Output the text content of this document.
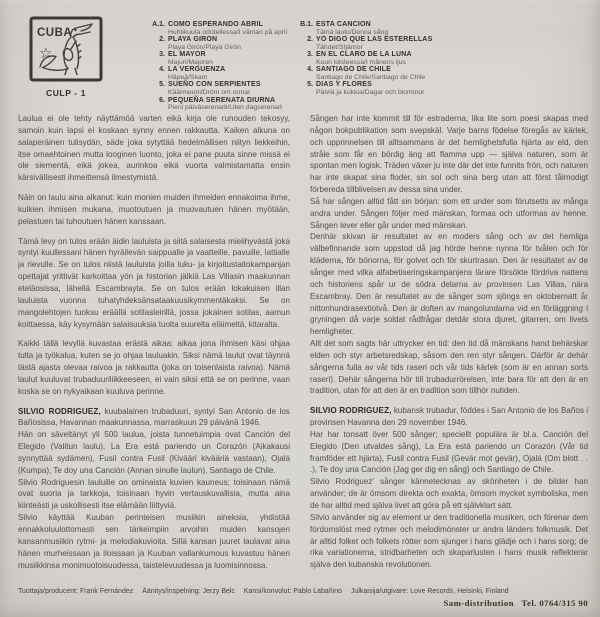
CUBA
☆
CULP - 1
A.1. COMO ESPERANDO ABRIL
Huhtikuuta odotellessa/I väntan på april
2. PLAYA GIRON
Playa Girón/Playa Girón
3. EL MAYOR
Majuri/Majoren
4. LA VERGUENZA
Häpeä/Skam
5. SUEÑO CON SERPIENTES
Käärmeuni/Dröm om ormar
6. PEQUEÑA SERENATA DIURNA
Pieni päiväserenadi/Liten dagserenad
B.1. ESTA CANCION
Tämä laulu/Denna sång
2. YO DIGO QUE LAS ESTERELLAS
Tähdet/Stjärnor
3. EN EL CLARO DE LA LUNA
Kuun loisteessa/I månens ljus
4. SANTIAGO DE CHILE
Santiago de Chile/Santiago de Chile
5. DIAS Y FLORES
Päiviä ja kukkia/Dagar och blommor

Laulua ei ole tehty näyttämöä varten eikä kirja ole runouden tekosyy, samoin kuin lapsi ei koskaan synny ennen rakkautta. Kaiken alkuna on salaperäinen tulisydän, säde joka sytyttää hedelmällisen niityn liekkeihin, itse omaehtoinen mutta looginen luonto, joka ei pane puuta sinne missä ei ole siementä, eikä jokea, aurinkoa eikä vuorta valmistamatta ensin kärsivällisesti ihmeittensä ilmestymistä.

Näin on laulu aina alkanut: kuin monien muiden ihmeiden ennakoima ihme, kulkien ihmisen mukana, muotoutuen ja muovautuen hänen myötään, pelastuen tai tuhoutuen hänen kanssaan.

Tämä levy on tulos erään äidin lauluista ja siitä salaisesta mielihyvästä joka syntyi kuullessani hänen hyräilevän saippualle ja vaatteille, pavuille, lattialle ja rievulle. Se on tulos niistä lauluista joilla luku- ja kirjoitustaitokampanjan opettajat yrittivät karkoittaa yön ja historian jälkiä Las Villasin maakunnan eteläosissa, lähellä Escambrayta. Se on tulos erään lokakuisen illan lauluista vuonna tuhatyhdeksänsataakuusikymmentäkaksi. Se on mangolehtojen tuoksu eräällä sotilasleirillä, jossa jokainen sotilas, aamun koittaessa, käy kysymään salaisuuksia tuolta suurelta eläimeltä, kitaralta.

Kaikki tällä levyllä kuvastaa erästä aikaa: aikaa jona ihmisen käsi ohjaa tulta ja työkalua, kuten se jo ohjaa lauluakin. Siksi nämä laulut ovat täynnä tästä ajasta olevaa raivoa ja rakkautta (joka on toisenlaista raivoa). Nämä laulut kuuluvat trubaduuriliikkeeseen, ei vain siksi että se on perinne, vaan koska se on nykyaikaan kuuluva perinne.

SILVIO RODRIGUEZ, kuubalainen trubaduuri, syntyi San Antonio de los Bañosissa, Havannan maakunnassa, marraskuun 29 päivänä 1946.

Hän on säveltänyt yli 500 laulua, joista tunnetuimpia ovat Canción del Elegido (Valitun laulu), La Era está pariendo un Corazón (Aikakausi synnyttää sydämen), Fusil contra Fusil (Kivääri kivääriä vastaan), Ojalá (Kumpa), Te doy una Canción (Annan sinulle laulun), Santiago de Chile.

Silvio Rodriguesin lauluille on ominaista kuvien kauneus; toisinaan nämä ovat suoria ja tarkkoja, toisinaan hyvin vertauskuvallisia, mutta aina kiinteästi ja uskollisesti itse elämään liittyviä.

Silvio käyttää Kuuban perinteisen musiikin aineksia, yhdistää ennakkoluulottomasti sen tärkeimpiin arvoihin muiden kansojen kansanmusiikin rytmi- ja melodiakuvioita. Sillä kansan juuret laulavat aina hänen murheissaan ja iloissaan ja Kuuban vallankumous kuvastuu hänen musiikkinsa monimuotoisuudessa, taistelevuudessa ja luomisinnossa.

Sången har inte kommit till för estraderna, lika lite som poesi skapas med någon bokpublikation som svepskäl. Varje barns födelse föregås av kärlek, och upprinnelsen till alltsammans är det hemlighetsfulla hjärta av eld, den stråle som får en bördig äng att flamma upp — själva naturen, som är spontan men logisk. Träden växer ju inte där det inte funnits frön, och naturen har inte skapat sina floder, sin sol och sina berg utan att först tålmodigt förbereda tillblivelsen av dessa sina under.

Så har sången alltid fått sin början: som ett under som förutsetts av många andra under. Sången följer med mänskan, formas och utformas av henne. Sången lever eller går under med mänskan.

Denhär skivan är resultatet av en moders sång och av det hemliga välbefinnande som uppstod då jag hörde henne nynna för tvålen och för kläderna, för bönorna, för golvet och för skurtrasan. Den är resultatet av de sånger med vilka alfabetiseringskampanjens lärare försökte fördriva nattens och historiens spår ur de södra delarna av provinsen Las Villas, nära Escambray. Den är resultatet av de sånger som sjöngs en oktobernatt år nittonhundrasextiotvå. Den är doften av mangolundarna vid en förläggning i gryningen då varje soldat rådfrågar detdär stora djuret, gitarren, om livets hemligheter.

Allt det som sagts här uttrycker en tid: den tid då mänskans hand behärskar elden och styr arbetsredskap, såsom den ren styr sången. Därför är dehär sångerna fulla av vår tids raseri och vår tids kärlek (som är en annan sorts raseri). Dehär sångerna hör till trubadurrörelsen, inte bara för att den är en tradition, utan för att den är en tradition som tillhör nutiden.

SILVIO RODRIGUEZ, kubansk trubadur, föddes i San Antonio de los Baños i provinsen Havanna den 29 november 1946.

Har har tonsatt över 500 sånger; speciellt populära är bl.a. Canción del Elegido (Den utvaldes sång), La Era está pariendo un Corazón (Vår tid framföder ett hjärta), Fusil contra Fusil (Gevär mot gevär), Ojalá (Om blott . . .), Te doy una Canción (Jag ger dig en sång) och Santiago de Chile.

Silvio Rodriguez' sånger kännetecknas av skönheten i de bilder han använder; de är ömsom direkta och exakta, ömsom mycket symboliska, men de har alltid med själva livet att göra på ett självklart sätt.

Silvio använder sig av element ur den traditionella musiken, och förenar dem fördomslöst med rytmer och melodimönster ur andra länders folkmusik. Det är alltid folket och folkets rötter som sjunger i hans glädje och i hans sorg; de rika variationerna, stridbarheten och skaparlusten i hans musik reflekterar själva den kubanska revolutionen.

Tuottaja/producent: Frank Fernández Äänitys/inspelning: Jerzy Belc Kansi/konvolut: Pablo Labañino Julkaisija/utgivare: Love Records, Helsinki, Finland
Sam-distribution   Tel. 0764/315 90
